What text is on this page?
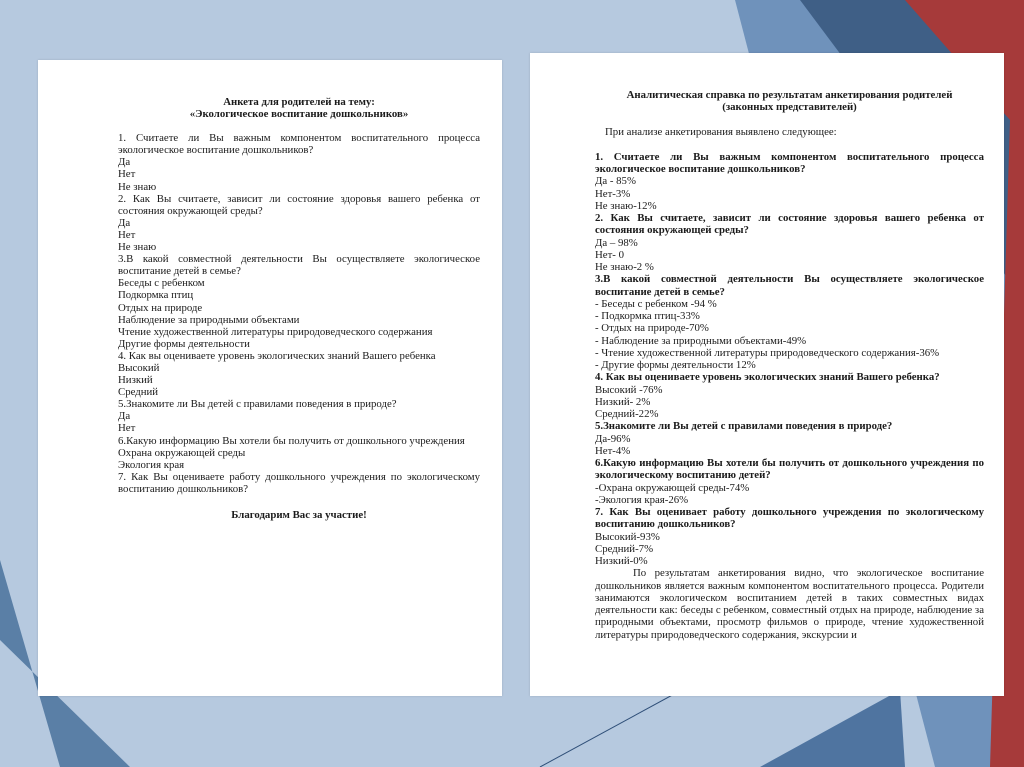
Анкета для родителей на тему:
«Экологическое воспитание дошкольников»
1. Считаете ли Вы важным компонентом воспитательного процесса экологическое воспитание дошкольников?
Да
Нет
Не знаю
2. Как Вы считаете, зависит ли состояние здоровья вашего ребенка от состояния окружающей среды?
Да
Нет
Не знаю
3.В какой совместной деятельности Вы осуществляете экологическое воспитание детей в семье?
Беседы с ребенком
Подкормка птиц
Отдых на природе
Наблюдение за природными объектами
Чтение художественной литературы природоведческого содержания
Другие формы деятельности
4. Как вы оцениваете уровень экологических знаний Вашего ребенка
Высокий
Низкий
Средний
5.Знакомите ли Вы детей с правилами поведения в природе?
Да
Нет
6.Какую информацию Вы хотели бы получить от дошкольного учреждения
Охрана окружающей среды
Экология края
7. Как Вы оцениваете работу дошкольного учреждения по экологическому воспитанию дошкольников?
Благодарим Вас за участие!
Аналитическая справка по результатам анкетирования родителей
(законных представителей)
При анализе анкетирования выявлено следующее:
1. Считаете ли Вы важным компонентом воспитательного процесса экологическое воспитание дошкольников?
Да - 85%
Нет-3%
Не знаю-12%
2. Как Вы считаете, зависит ли состояние здоровья вашего ребенка от состояния окружающей среды?
Да – 98%
Нет- 0
Не знаю-2 %
3.В какой совместной деятельности Вы осуществляете экологическое воспитание детей в семье?
- Беседы с ребенком -94 %
- Подкормка птиц-33%
- Отдых на природе-70%
- Наблюдение за природными объектами-49%
- Чтение художественной литературы природоведческого содержания-36%
- Другие формы деятельности 12%
4. Как вы оцениваете уровень экологических знаний Вашего ребенка?
Высокий -76%
Низкий- 2%
Средний-22%
5.Знакомите ли Вы детей с правилами поведения в природе?
Да-96%
Нет-4%
6.Какую информацию Вы хотели бы получить от дошкольного учреждения по экологическому воспитанию детей?
-Охрана окружающей среды-74%
-Экология края-26%
7. Как Вы оценивает работу дошкольного учреждения по экологическому воспитанию дошкольников?
Высокий-93%
Средний-7%
Низкий-0%
По результатам анкетирования видно, что экологическое воспитание дошкольников является важным компонентом воспитательного процесса. Родители занимаются экологическом воспитанием детей в таких совместных видах деятельности как: беседы с ребенком, совместный отдых на природе, наблюдение за природными объектами, просмотр фильмов о природе, чтение художественной литературы природоведческого содержания, экскурсии и
